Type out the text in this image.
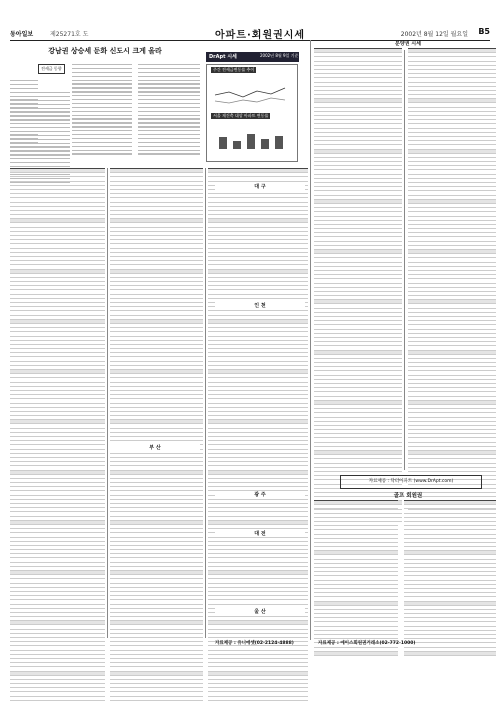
동아일보	제25271호 도	아파트·회원권시세	2002년 8월 12일 월요일 B5
강남권 상승세 둔화 신도시 크게 올라
전세금 동향
DrApt 시세	2002년 8월 9일 기준
주간 전세금변동률 추이
서울 재건축 대상 아파트 변동률
대 구
인 천
부 산
광 주
대 전
울 산
분양권 시세
자료제공 : 닥터아파트 (www.DrApt.com)
골프 회원권
자료제공 : 유니에셋(02-2124-4888)	자료제공 : 에이스회원권거래소(02-772-1000)
